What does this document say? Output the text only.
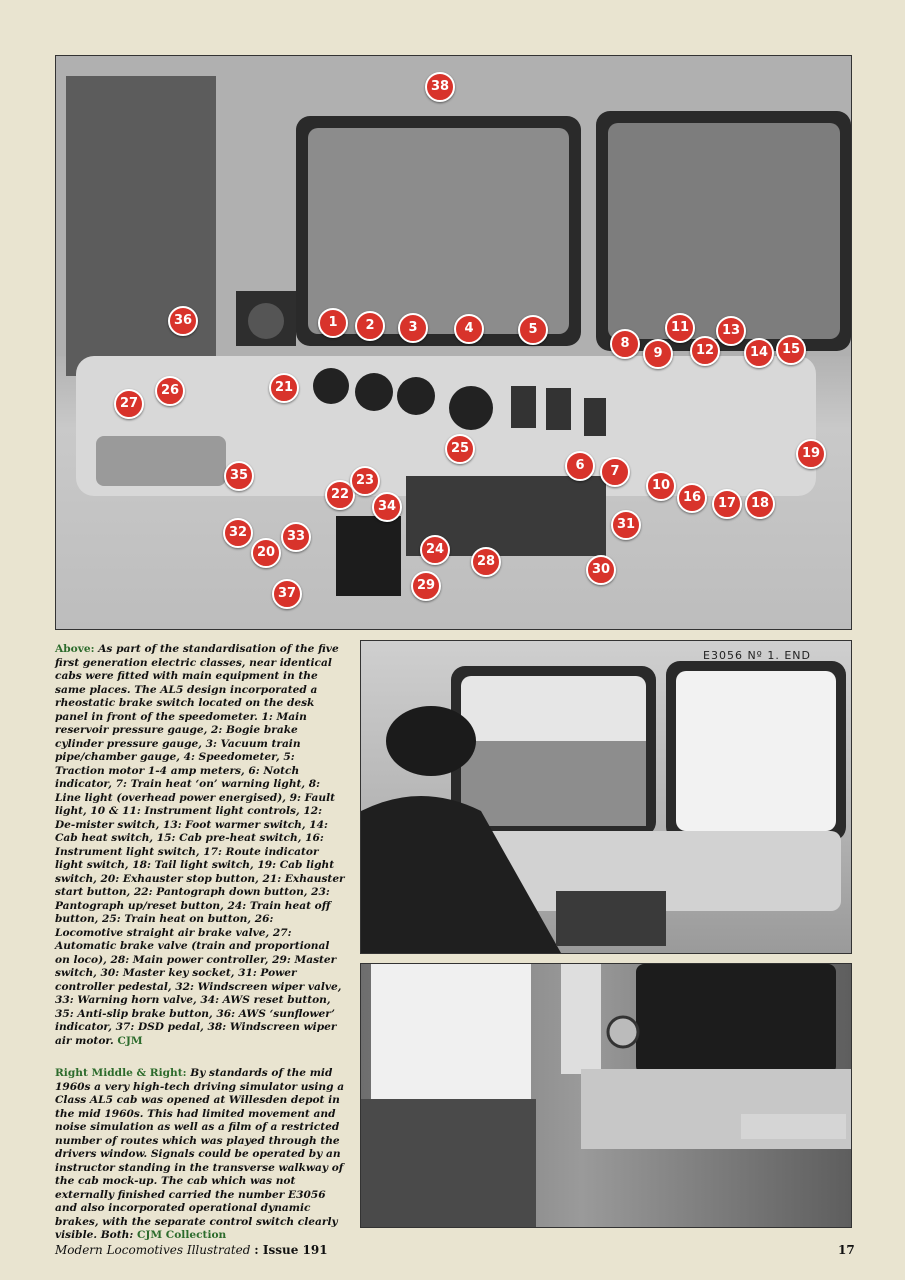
1	2	3	4	5
6	7
8
9
10
11
12
13
14	15
16	17	18
19
20
21
22
23
24
25
26
27
28
29
30
31
32	33
34
35
36
37
38
E3056 Nº 1. END

Above: As part of the standardisation of the five first generation electric classes, near identical cabs were fitted with main equipment in the same places. The AL5 design incorporated a rheostatic brake switch located on the desk panel in front of the speedometer. 1: Main reservoir pressure gauge, 2: Bogie brake cylinder pressure gauge, 3: Vacuum train pipe/chamber gauge, 4: Speedometer, 5: Traction motor 1-4 amp meters, 6: Notch indicator, 7: Train heat ‘on’ warning light, 8: Line light (overhead power energised), 9: Fault light, 10 & 11: Instrument light controls, 12: De-mister switch, 13: Foot warmer switch, 14: Cab heat switch, 15: Cab pre-heat switch, 16: Instrument light switch, 17: Route indicator light switch, 18: Tail light switch, 19: Cab light switch, 20: Exhauster stop button, 21: Exhauster start button, 22: Pantograph down button, 23: Pantograph up/reset button, 24: Train heat off button, 25: Train heat on button, 26: Locomotive straight air brake valve, 27: Automatic brake valve (train and proportional on loco), 28: Main power controller, 29: Master switch, 30: Master key socket, 31: Power controller pedestal, 32: Windscreen wiper valve, 33: Warning horn valve, 34: AWS reset button, 35: Anti-slip brake button, 36: AWS ‘sunflower’ indicator, 37: DSD pedal, 38: Windscreen wiper air motor. CJM

Right Middle & Right: By standards of the mid 1960s a very high-tech driving simulator using a Class AL5 cab was opened at Willesden depot in the mid 1960s. This had limited movement and noise simulation as well as a film of a restricted number of routes which was played through the drivers window. Signals could be operated by an instructor standing in the transverse walkway of the cab mock-up. The cab which was not externally finished carried the number E3056 and also incorporated operational dynamic brakes, with the separate control switch clearly visible. Both: CJM Collection

Modern Locomotives Illustrated : Issue 191	17
